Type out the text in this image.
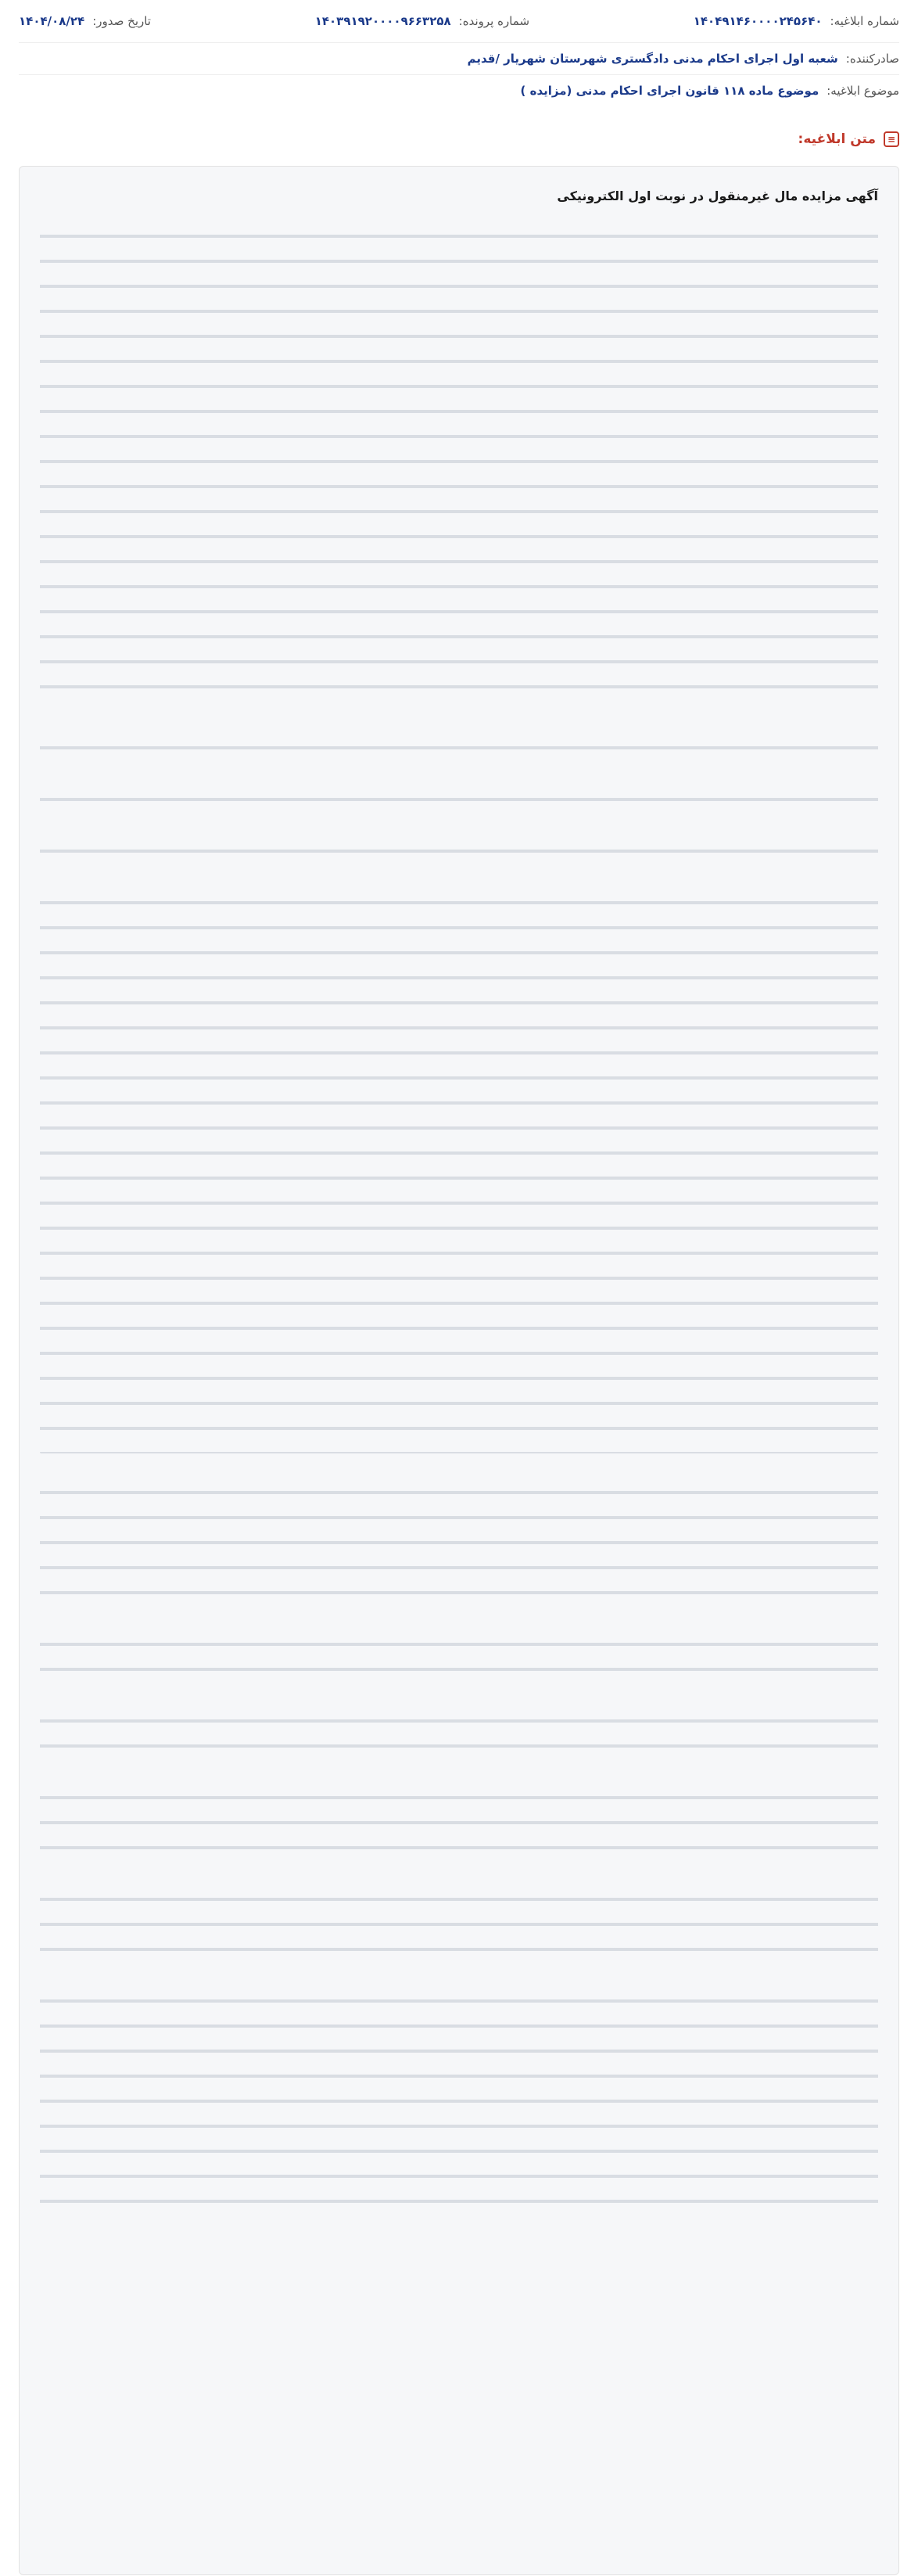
شماره ابلاغیه:
۱۴۰۴۹۱۴۶۰۰۰۰۲۴۵۶۴۰
شماره پرونده:
۱۴۰۳۹۱۹۲۰۰۰۰۹۶۶۳۲۵۸
تاریخ صدور:
۱۴۰۴/۰۸/۲۴
صادرکننده:
شعبه اول اجرای احکام مدنی دادگستری شهرستان شهریار /قدیم
موضوع ابلاغیه:
موضوع ماده ۱۱۸ قانون اجرای احکام مدنی (مزایده )
≡
متن ابلاغیه:
آگهی مزایده مال غیرمنقول در نوبت اول الکترونیکی
